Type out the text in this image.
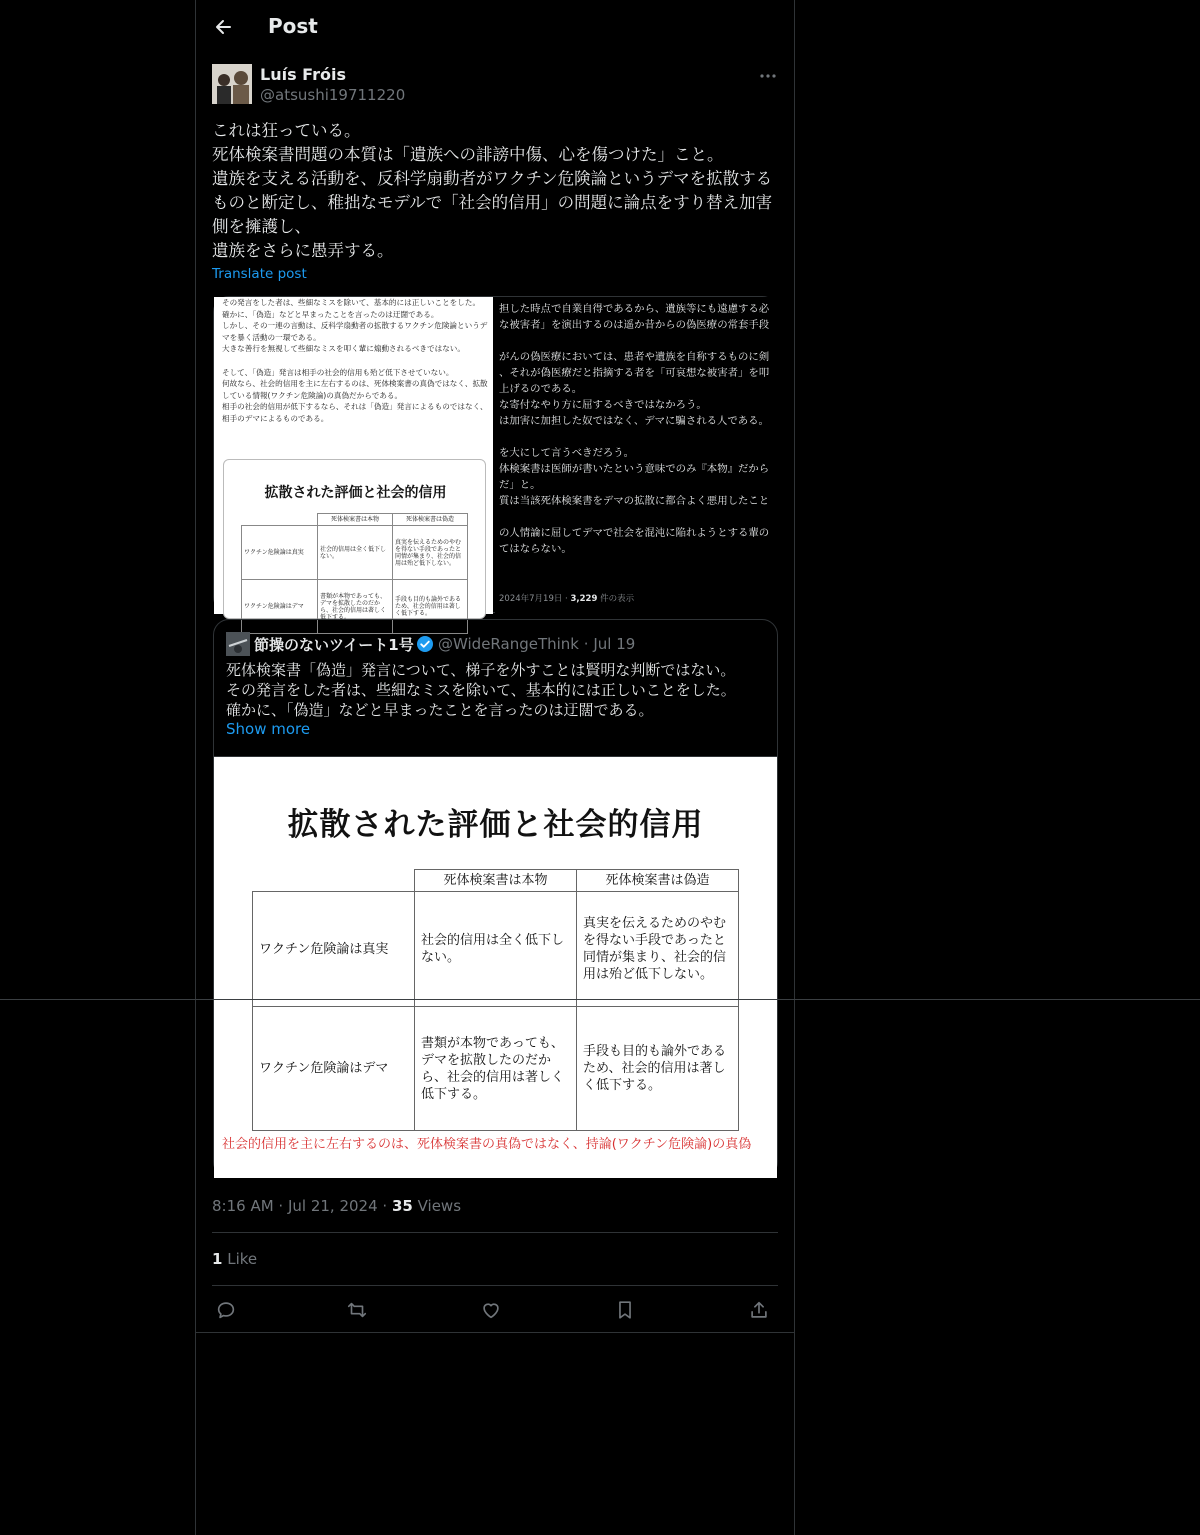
Post
Luís Fróis
@atsushi19711220
これは狂っている。
死体検案書問題の本質は「遺族への誹謗中傷、心を傷つけた」こと。
遺族を支える活動を、反科学扇動者がワクチン危険論というデマを拡散するものと断定し、稚拙なモデルで「社会的信用」の問題に論点をすり替え加害側を擁護し、
遺族をさらに愚弄する。
Translate post
その発言をした者は、些細なミスを除いて、基本的には正しいことをした。
確かに、「偽造」などと早まったことを言ったのは迂闊である。
しかし、その一連の言動は、反科学扇動者の拡散するワクチン危険論というデマを暴く活動の一環である。
大きな善行を無視して些細なミスを叩く輩に煽動されるべきではない。

そして、「偽造」発言は相手の社会的信用も殆ど低下させていない。
何故なら、社会的信用を主に左右するのは、死体検案書の真偽ではなく、拡散している情報(ワクチン危険論)の真偽だからである。
相手の社会的信用が低下するなら、それは「偽造」発言によるものではなく、相手のデマによるものである。
拡散された評価と社会的信用
	死体検案書は本物	死体検案書は偽造
ワクチン危険論は真実	社会的信用は全く低下しない。	真実を伝えるためのやむを得ない手段であったと同情が集まり、社会的信用は殆ど低下しない。
ワクチン危険論はデマ	書類が本物であっても、デマを拡散したのだから、社会的信用は著しく低下する。	手段も目的も論外であるため、社会的信用は著しく低下する。
担した時点で自業自得であるから、遺族等にも遠慮する必
な被害者」を演出するのは遥か昔からの偽医療の常套手段

がんの偽医療においては、患者や遺族を自称するものに剣
、それが偽医療だと指摘する者を「可哀想な被害者」を叩
上げるのである。
な寄付なやり方に屈するべきではなかろう。
は加害に加担した奴ではなく、デマに騙される人である。

を大にして言うべきだろう。
体検案書は医師が書いたという意味でのみ『本物』だから
だ」と。
質は当該死体検案書をデマの拡散に都合よく悪用したこと

の人情論に屈してデマで社会を混沌に陥れようとする輩の
てはならない。
2024年7月19日 · 3,229 件の表示
節操のないツイート1号 @WideRangeThink · Jul 19
死体検案書「偽造」発言について、梯子を外すことは賢明な判断ではない。
その発言をした者は、些細なミスを除いて、基本的には正しいことをした。
確かに、「偽造」などと早まったことを言ったのは迂闊である。
Show more
拡散された評価と社会的信用
	死体検案書は本物	死体検案書は偽造
ワクチン危険論は真実	社会的信用は全く低下しない。	真実を伝えるためのやむを得ない手段であったと同情が集まり、社会的信用は殆ど低下しない。
ワクチン危険論はデマ	書類が本物であっても、デマを拡散したのだから、社会的信用は著しく低下する。	手段も目的も論外であるため、社会的信用は著しく低下する。
社会的信用を主に左右するのは、死体検案書の真偽ではなく、持論(ワクチン危険論)の真偽
8:16 AM · Jul 21, 2024 · 35 Views
1 Like
